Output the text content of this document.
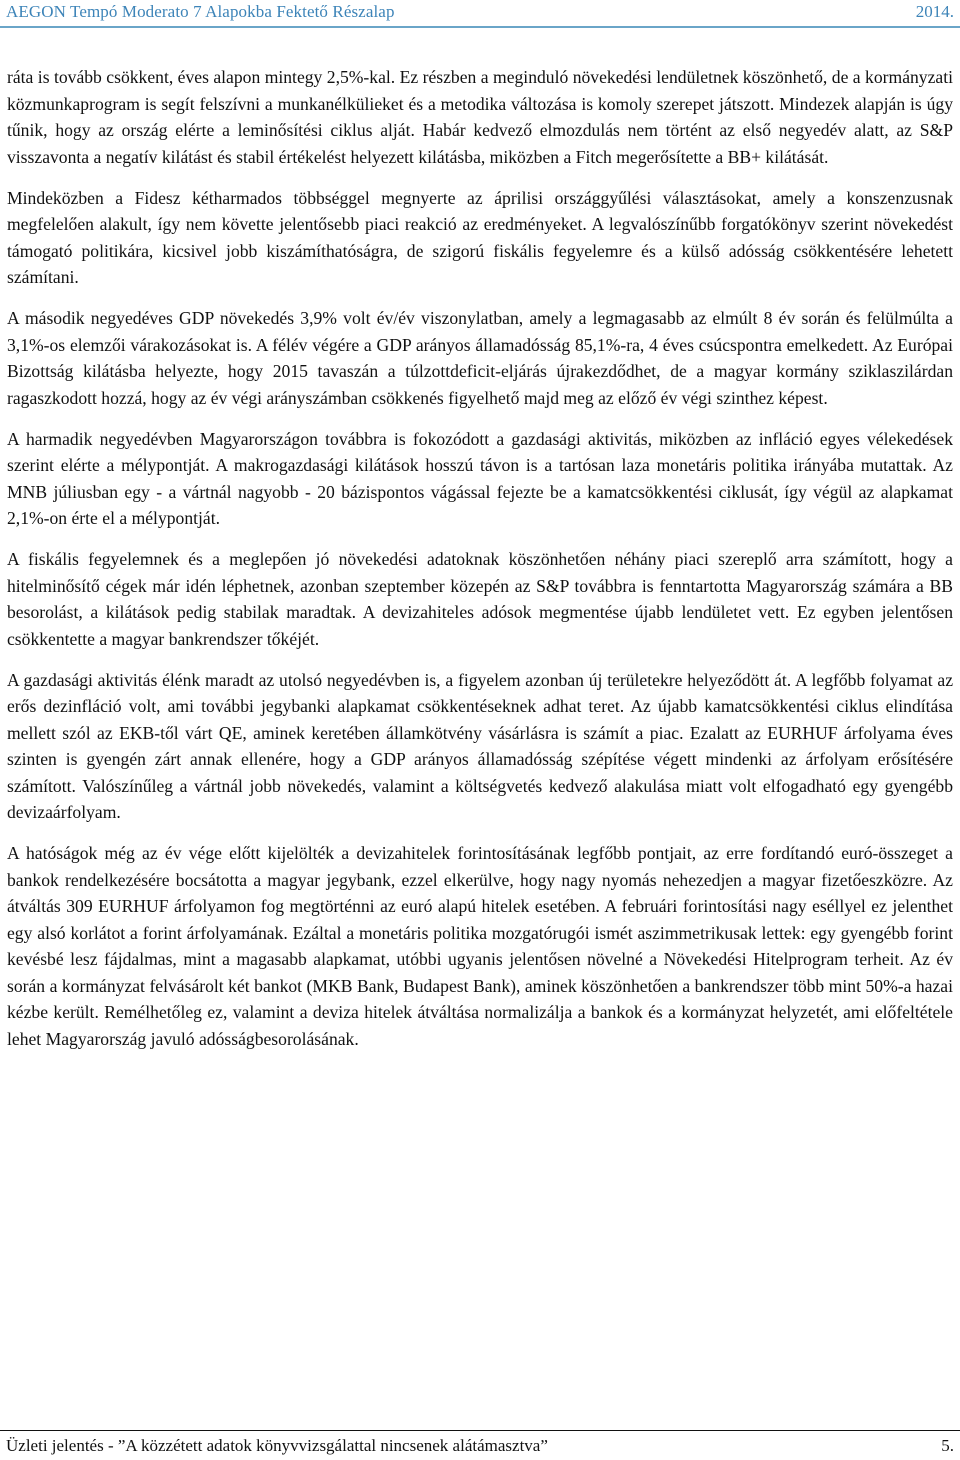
AEGON Tempó Moderato 7 Alapokba Fektető Részalap	2014.

ráta is tovább csökkent, éves alapon mintegy 2,5%-kal. Ez részben a meginduló növekedési lendületnek köszönhető, de a kormányzati közmunkaprogram is segít felszívni a munkanélkülieket és a metodika változása is komoly szerepet játszott. Mindezek alapján is úgy tűnik, hogy az ország elérte a leminősítési ciklus alját. Habár kedvező elmozdulás nem történt az első negyedév alatt, az S&P visszavonta a negatív kilátást és stabil értékelést helyezett kilátásba, miközben a Fitch megerősítette a BB+ kilátását.

Mindeközben a Fidesz kétharmados többséggel megnyerte az áprilisi országgyűlési választásokat, amely a konszenzusnak megfelelően alakult, így nem követte jelentősebb piaci reakció az eredményeket. A legvalószínűbb forgatókönyv szerint növekedést támogató politikára, kicsivel jobb kiszámíthatóságra, de szigorú fiskális fegyelemre és a külső adósság csökkentésére lehetett számítani.

A második negyedéves GDP növekedés 3,9% volt év/év viszonylatban, amely a legmagasabb az elmúlt 8 év során és felülmúlta a 3,1%-os elemzői várakozásokat is. A félév végére a GDP arányos államadósság 85,1%-ra, 4 éves csúcspontra emelkedett. Az Európai Bizottság kilátásba helyezte, hogy 2015 tavaszán a túlzottdeficit-eljárás újrakezdődhet, de a magyar kormány sziklaszilárdan ragaszkodott hozzá, hogy az év végi arányszámban csökkenés figyelhető majd meg az előző év végi szinthez képest.

A harmadik negyedévben Magyarországon továbbra is fokozódott a gazdasági aktivitás, miközben az infláció egyes vélekedések szerint elérte a mélypontját. A makrogazdasági kilátások hosszú távon is a tartósan laza monetáris politika irányába mutattak. Az MNB júliusban egy - a vártnál nagyobb - 20 bázispontos vágással fejezte be a kamatcsökkentési ciklusát, így végül az alapkamat 2,1%-on érte el a mélypontját.

A fiskális fegyelemnek és a meglepően jó növekedési adatoknak köszönhetően néhány piaci szereplő arra számított, hogy a hitelminősítő cégek már idén léphetnek, azonban szeptember közepén az S&P továbbra is fenntartotta Magyarország számára a BB besorolást, a kilátások pedig stabilak maradtak. A devizahiteles adósok megmentése újabb lendületet vett. Ez egyben jelentősen csökkentette a magyar bankrendszer tőkéjét.

A gazdasági aktivitás élénk maradt az utolsó negyedévben is, a figyelem azonban új területekre helyeződött át. A legfőbb folyamat az erős dezinfláció volt, ami további jegybanki alapkamat csökkentéseknek adhat teret. Az újabb kamatcsökkentési ciklus elindítása mellett szól az EKB-től várt QE, aminek keretében államkötvény vásárlásra is számít a piac. Ezalatt az EURHUF árfolyama éves szinten is gyengén zárt annak ellenére, hogy a GDP arányos államadósság szépítése végett mindenki az árfolyam erősítésére számított. Valószínűleg a vártnál jobb növekedés, valamint a költségvetés kedvező alakulása miatt volt elfogadható egy gyengébb devizaárfolyam.

A hatóságok még az év vége előtt kijelölték a devizahitelek forintosításának legfőbb pontjait, az erre fordítandó euró-összeget a bankok rendelkezésére bocsátotta a magyar jegybank, ezzel elkerülve, hogy nagy nyomás nehezedjen a magyar fizetőeszközre. Az átváltás 309 EURHUF árfolyamon fog megtörténni az euró alapú hitelek esetében. A februári forintosítási nagy eséllyel ez jelenthet egy alsó korlátot a forint árfolyamának. Ezáltal a monetáris politika mozgatórugói ismét aszimmetrikusak lettek: egy gyengébb forint kevésbé lesz fájdalmas, mint a magasabb alapkamat, utóbbi ugyanis jelentősen növelné a Növekedési Hitelprogram terheit. Az év során a kormányzat felvásárolt két bankot (MKB Bank, Budapest Bank), aminek köszönhetően a bankrendszer több mint 50%-a hazai kézbe került. Remélhetőleg ez, valamint a deviza hitelek átváltása normalizálja a bankok és a kormányzat helyzetét, ami előfeltétele lehet Magyarország javuló adósságbesorolásának.

Üzleti jelentés - ”A közzétett adatok könyvvizsgálattal nincsenek alátámasztva”	5.
